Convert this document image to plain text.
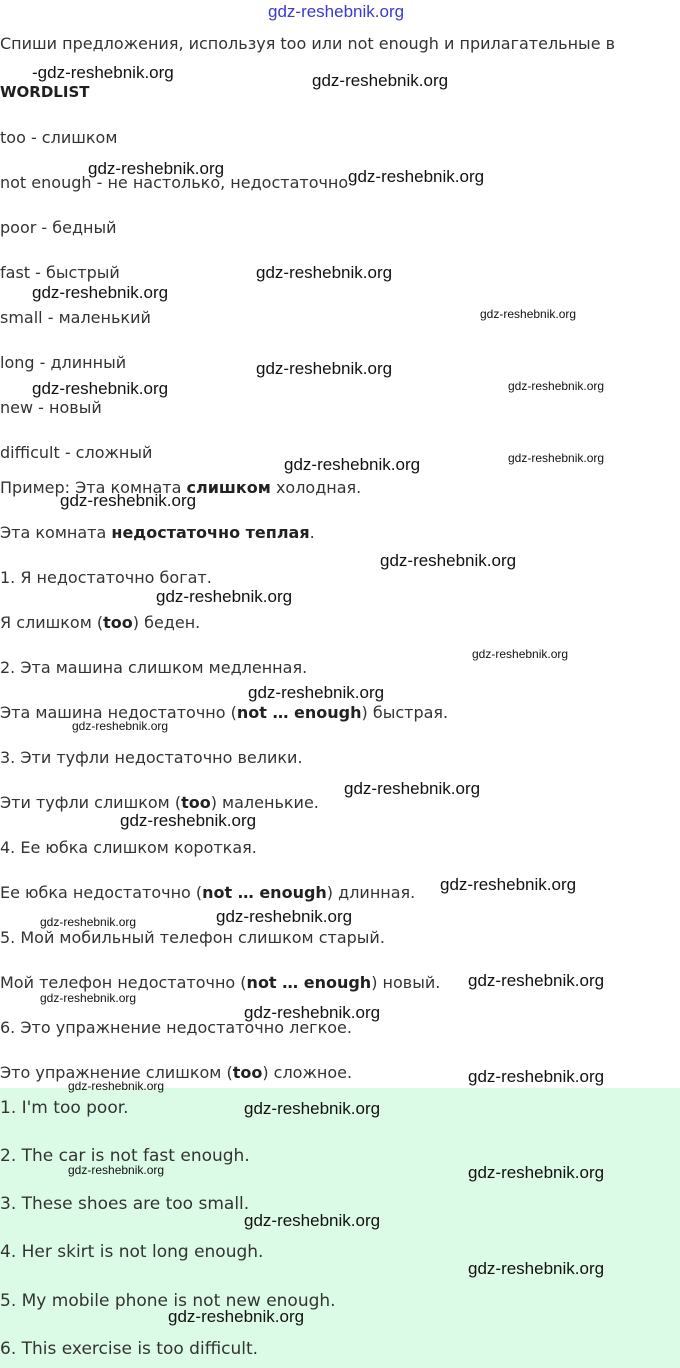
gdz-reshebnik.org
Спиши предложения, используя too или not enough и прилагательные в
WORDLIST
too - слишком
not enough - не настолько, недостаточно
poor - бедный
fast - быстрый
small - маленький
long - длинный
new - новый
difficult - сложный
Пример: Эта комната слишком холодная.
Эта комната недостаточно теплая.
1. Я недостаточно богат.
Я слишком (too) беден.
2. Эта машина слишком медленная.
Эта машина недостаточно (not … enough) быстрая.
3. Эти туфли недостаточно велики.
Эти туфли слишком (too) маленькие.
4. Ее юбка слишком короткая.
Ее юбка недостаточно (not … enough) длинная.
5. Мой мобильный телефон слишком старый.
Мой телефон недостаточно (not … enough) новый.
6. Это упражнение недостаточно легкое.
Это упражнение слишком (too) сложное.
1. I'm too poor.
2. The car is not fast enough.
3. These shoes are too small.
4. Her skirt is not long enough.
5. My mobile phone is not new enough.
6. This exercise is too difficult.
-gdz-reshebnik.org	gdz-reshebnik.org
gdz-reshebnik.org	gdz-reshebnik.org
gdz-reshebnik.org
gdz-reshebnik.org
gdz-reshebnik.org
gdz-reshebnik.org
gdz-reshebnik.org	gdz-reshebnik.org
gdz-reshebnik.org
gdz-reshebnik.org
gdz-reshebnik.org
gdz-reshebnik.org
gdz-reshebnik.org
gdz-reshebnik.org
gdz-reshebnik.org
gdz-reshebnik.org
gdz-reshebnik.org
gdz-reshebnik.org
gdz-reshebnik.org
gdz-reshebnik.org
gdz-reshebnik.org
gdz-reshebnik.org
gdz-reshebnik.org
gdz-reshebnik.org
gdz-reshebnik.org
gdz-reshebnik.org
gdz-reshebnik.org
gdz-reshebnik.org	gdz-reshebnik.org
gdz-reshebnik.org
gdz-reshebnik.org
gdz-reshebnik.org
